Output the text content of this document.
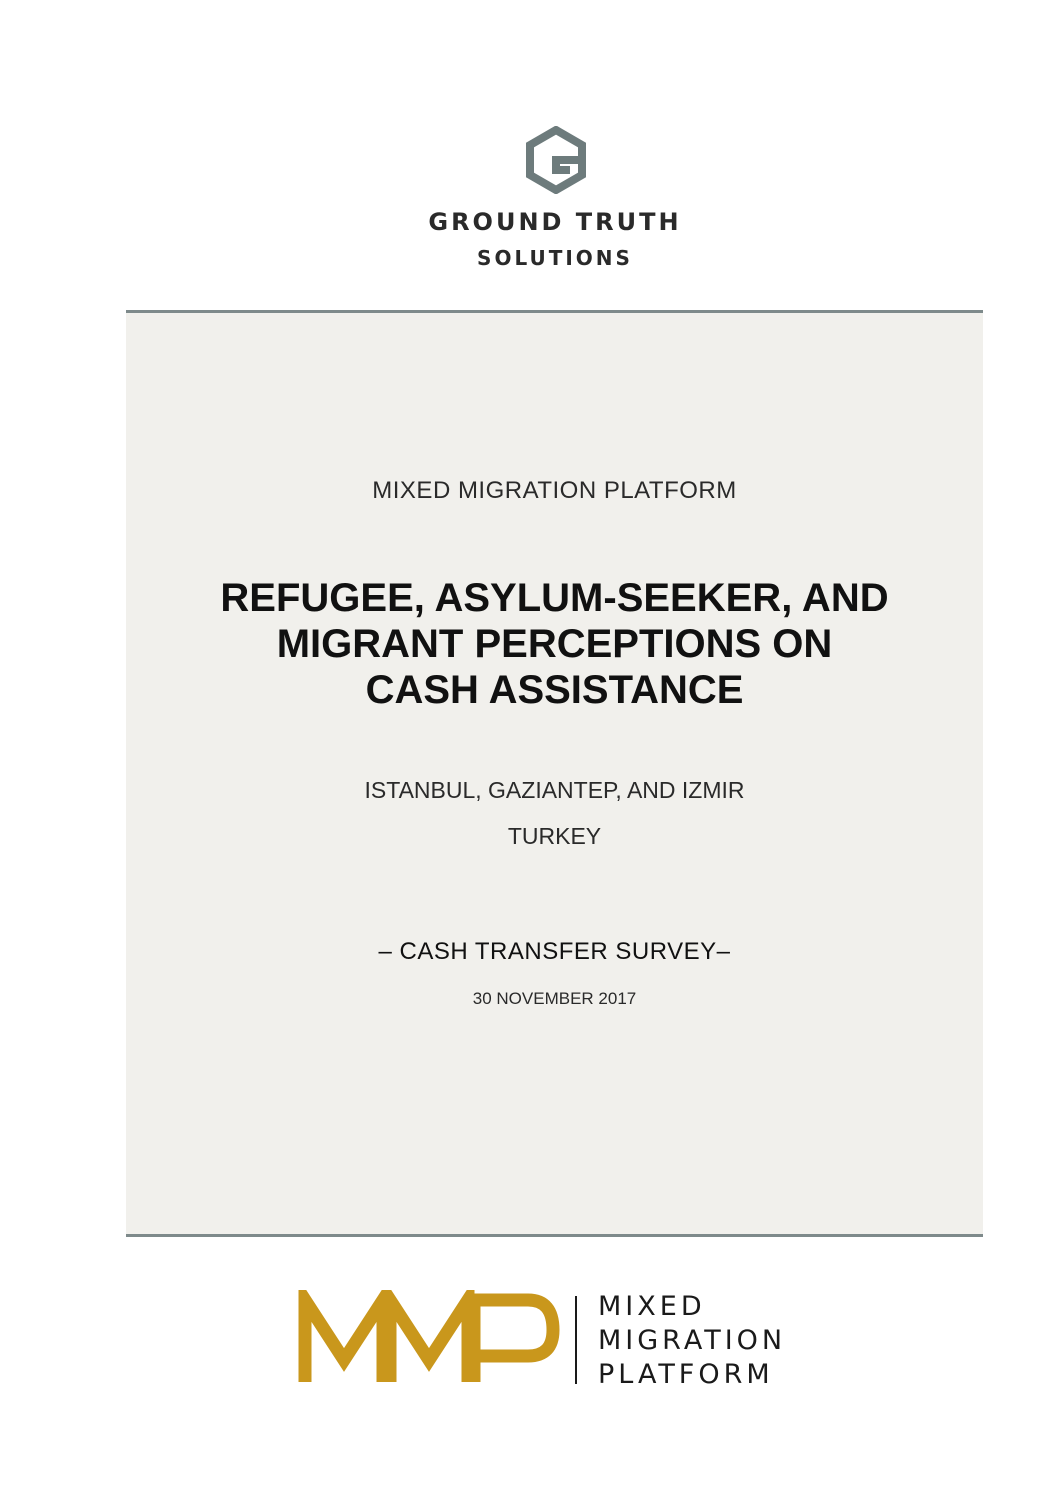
GROUND TRUTH
SOLUTIONS
MIXED MIGRATION PLATFORM
REFUGEE, ASYLUM-SEEKER, AND
MIGRANT PERCEPTIONS ON
CASH ASSISTANCE
ISTANBUL, GAZIANTEP, AND IZMIR
TURKEY
– CASH TRANSFER SURVEY–
30 NOVEMBER 2017
MIXED
MIGRATION
PLATFORM
